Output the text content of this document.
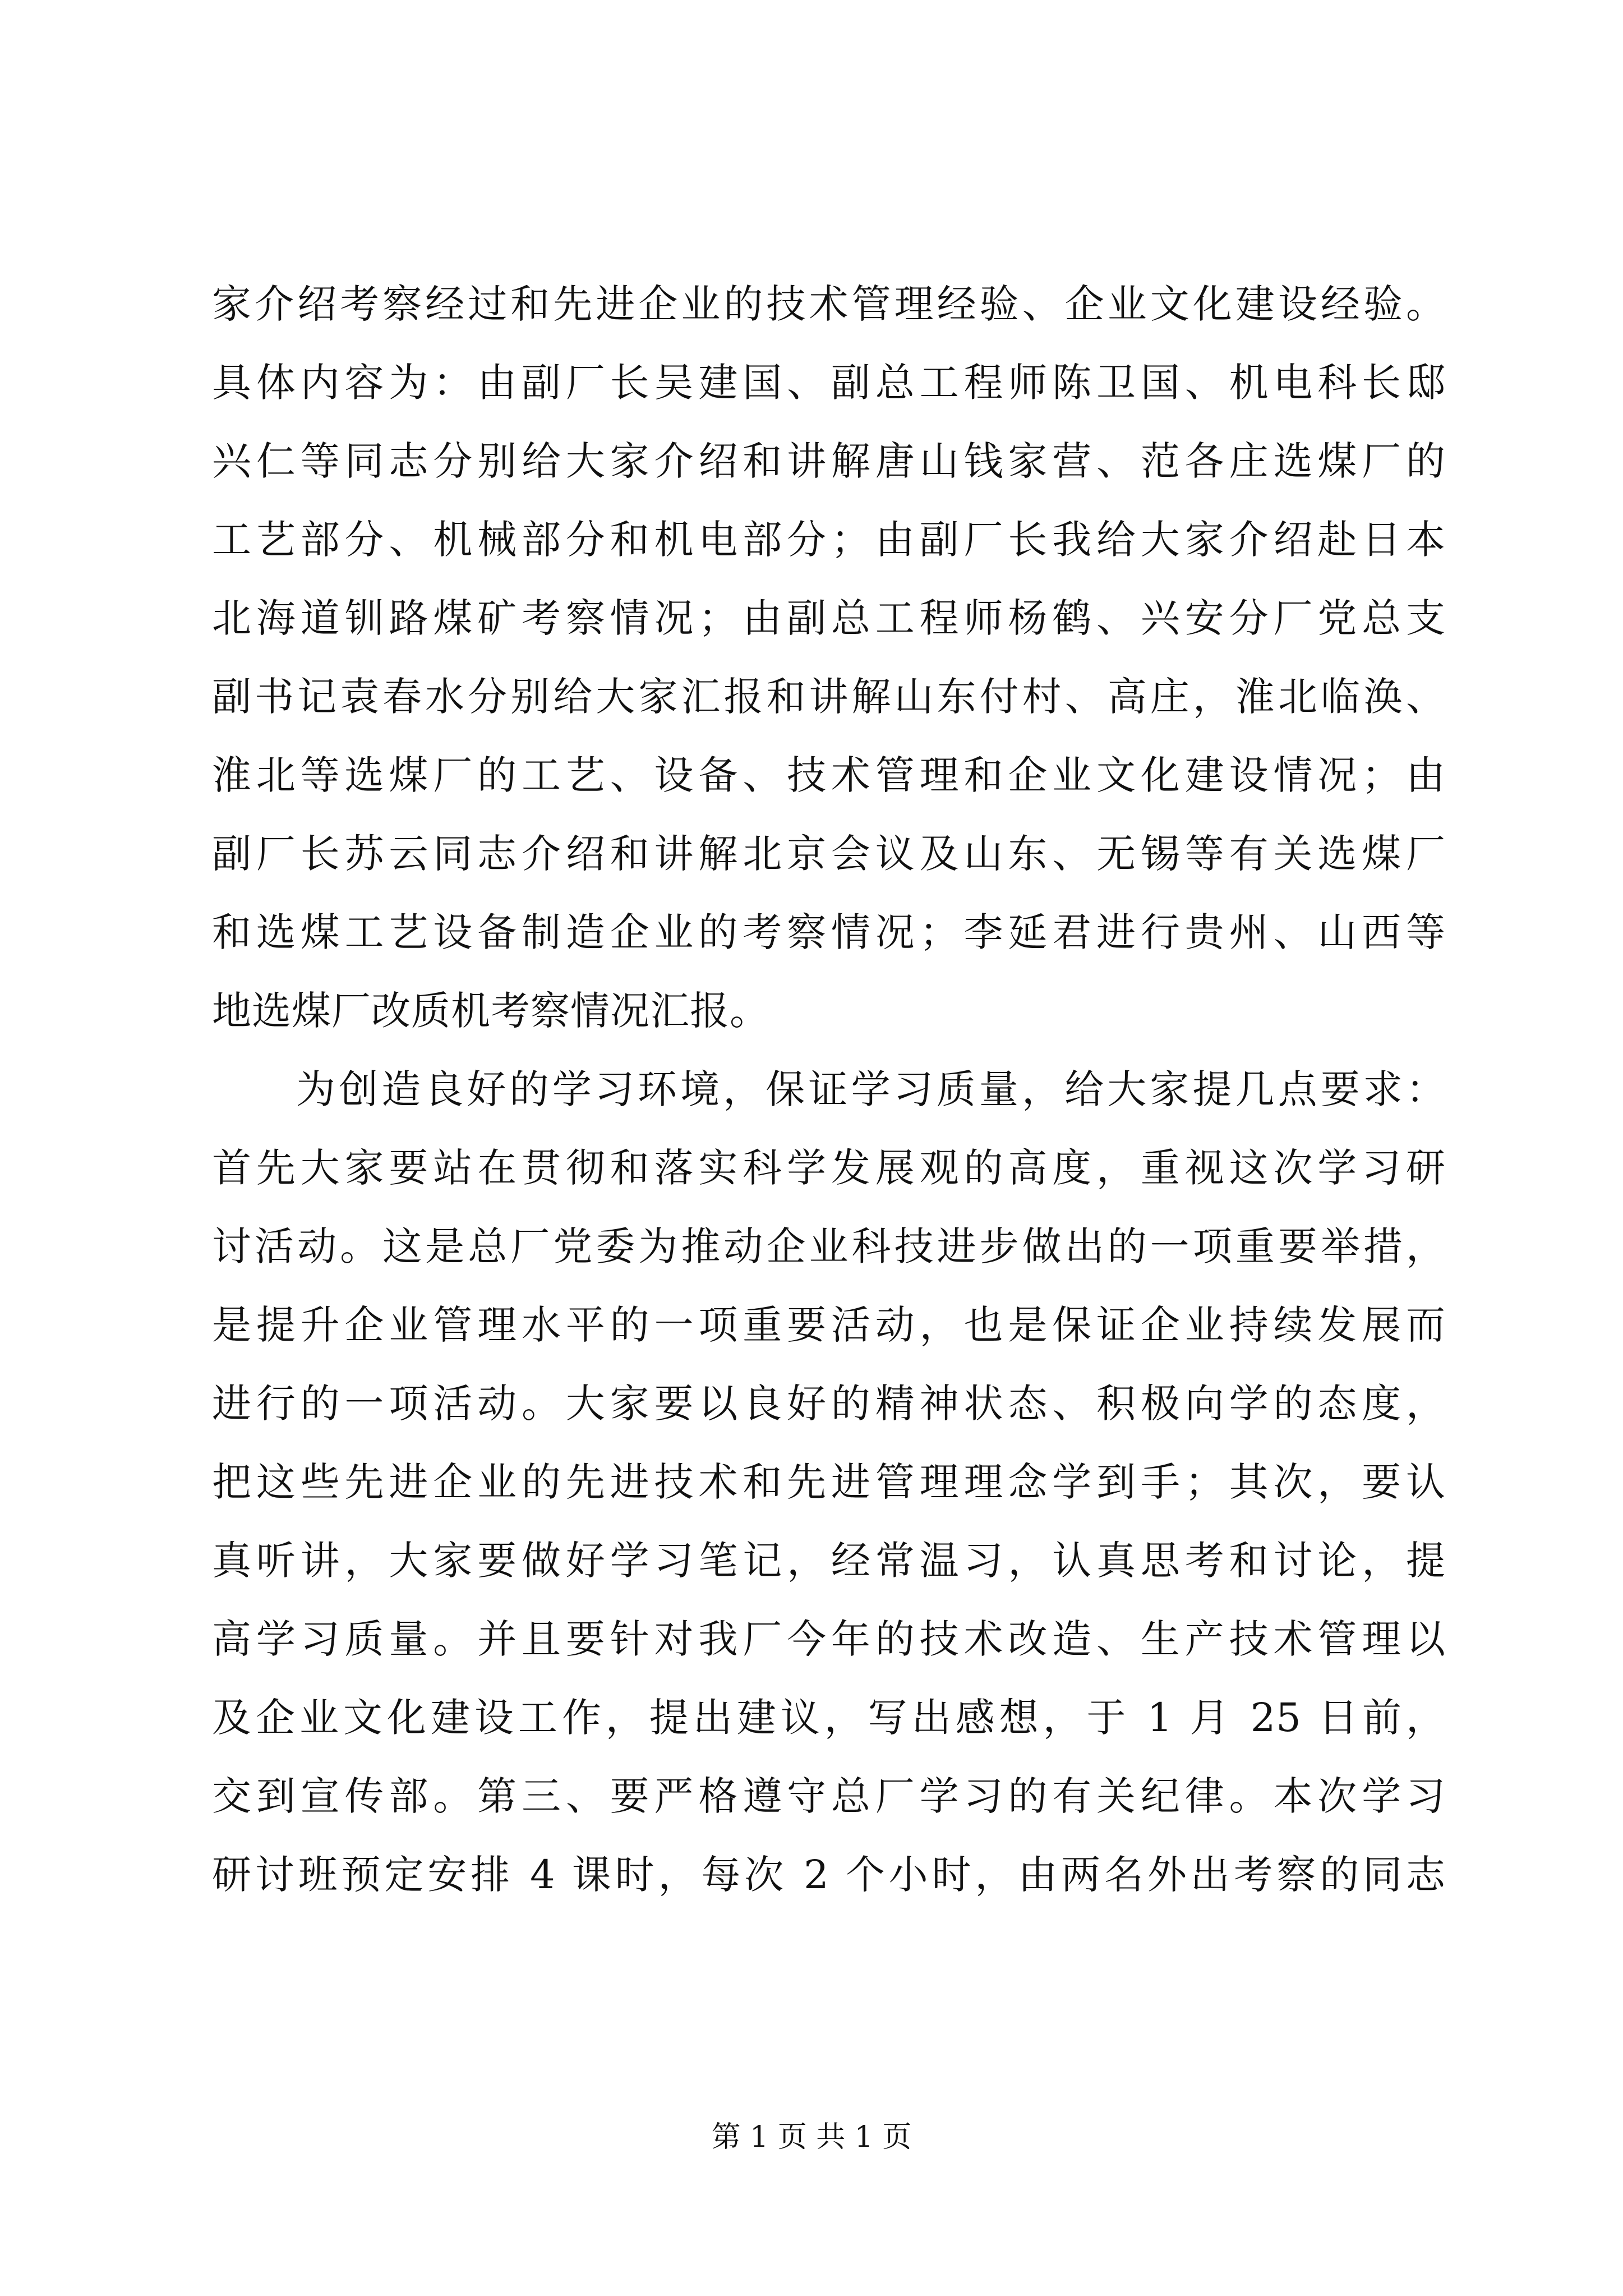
家介绍考察经过和先进企业的技术管理经验、企业文化建设经验。
具体内容为：由副厂长吴建国、副总工程师陈卫国、机电科长邸
兴仁等同志分别给大家介绍和讲解唐山钱家营、范各庄选煤厂的
工艺部分、机械部分和机电部分；由副厂长我给大家介绍赴日本
北海道钏路煤矿考察情况；由副总工程师杨鹤、兴安分厂党总支
副书记袁春水分别给大家汇报和讲解山东付村、高庄，淮北临涣、
淮北等选煤厂的工艺、设备、技术管理和企业文化建设情况；由
副厂长苏云同志介绍和讲解北京会议及山东、无锡等有关选煤厂
和选煤工艺设备制造企业的考察情况；李延君进行贵州、山西等
地选煤厂改质机考察情况汇报。
为创造良好的学习环境，保证学习质量，给大家提几点要求：
首先大家要站在贯彻和落实科学发展观的高度，重视这次学习研
讨活动。这是总厂党委为推动企业科技进步做出的一项重要举措，
是提升企业管理水平的一项重要活动，也是保证企业持续发展而
进行的一项活动。大家要以良好的精神状态、积极向学的态度，
把这些先进企业的先进技术和先进管理理念学到手；其次，要认
真听讲，大家要做好学习笔记，经常温习，认真思考和讨论，提
高学习质量。并且要针对我厂今年的技术改造、生产技术管理以
及企业文化建设工作，提出建议，写出感想，于 1 月 25 日前，
交到宣传部。第三、要严格遵守总厂学习的有关纪律。本次学习
研讨班预定安排 4 课时，每次 2 个小时，由两名外出考察的同志
第 1 页 共 1 页
